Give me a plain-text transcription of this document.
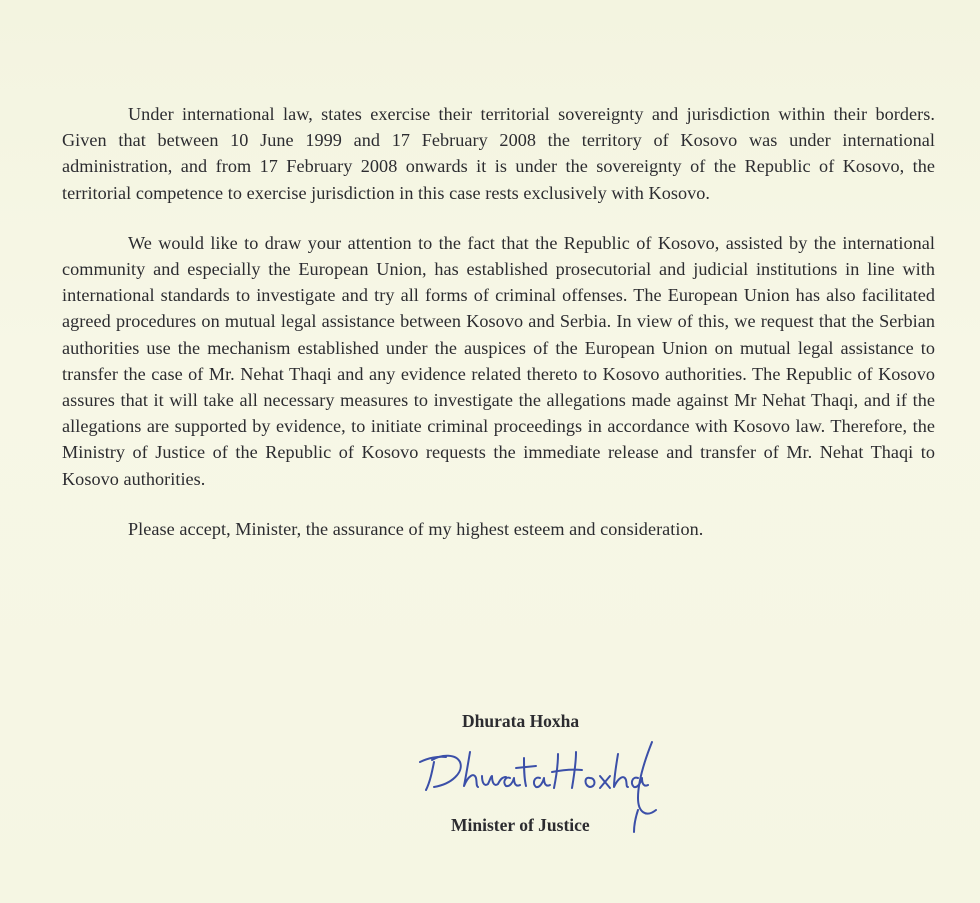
Under international law, states exercise their territorial sovereignty and jurisdiction within their borders. Given that between 10 June 1999 and 17 February 2008 the territory of Kosovo was under international administration, and from 17 February 2008 onwards it is under the sovereignty of the Republic of Kosovo, the territorial competence to exercise jurisdiction in this case rests exclusively with Kosovo.

We would like to draw your attention to the fact that the Republic of Kosovo, assisted by the international community and especially the European Union, has established prosecutorial and judicial institutions in line with international standards to investigate and try all forms of criminal offenses. The European Union has also facilitated agreed procedures on mutual legal assistance between Kosovo and Serbia. In view of this, we request that the Serbian authorities use the mechanism established under the auspices of the European Union on mutual legal assistance to transfer the case of Mr. Nehat Thaqi and any evidence related thereto to Kosovo authorities. The Republic of Kosovo assures that it will take all necessary measures to investigate the allegations made against Mr Nehat Thaqi, and if the allegations are supported by evidence, to initiate criminal proceedings in accordance with Kosovo law. Therefore, the Ministry of Justice of the Republic of Kosovo requests the immediate release and transfer of Mr. Nehat Thaqi to Kosovo authorities.

Please accept, Minister, the assurance of my highest esteem and consideration.

Dhurata Hoxha
Minister of Justice
